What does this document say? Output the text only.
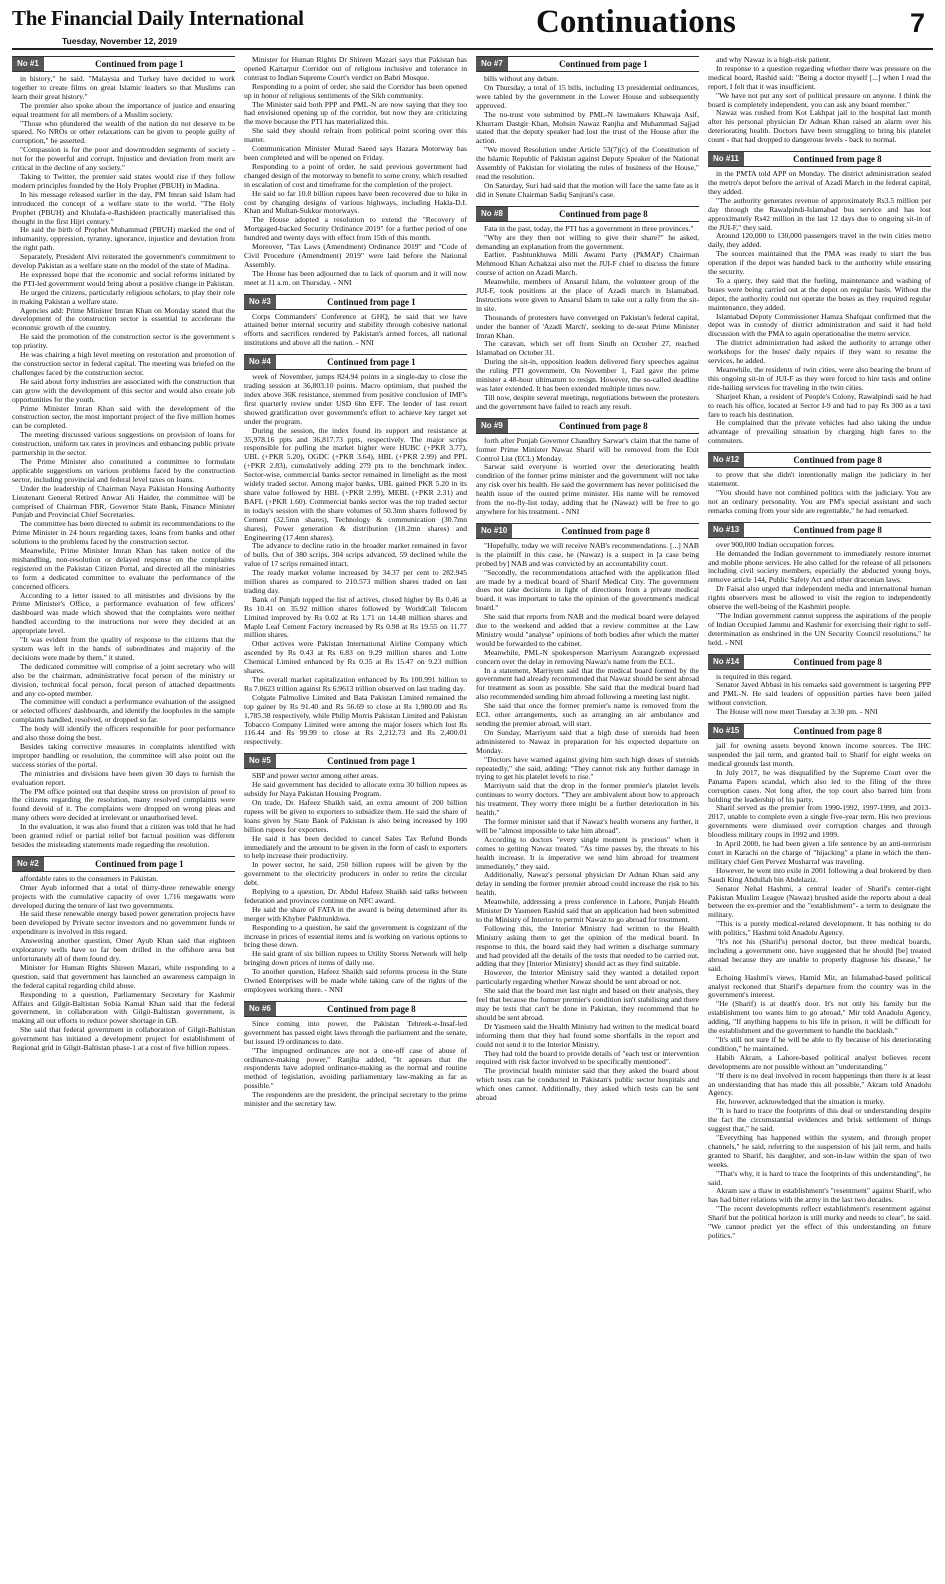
The Financial Daily International
Tuesday, November 12, 2019
Continuations	7
No #1	Continued from page 1

in history," he said. "Malaysia and Turkey have decided to work together to create films on great Islamic leaders so that Muslims can learn their great history."

The premier also spoke about the importance of justice and ensuring equal treatment for all members of a Muslim society.

"Those who plundered the wealth of the nation do not deserve to be spared. No NROs or other relaxations can be given to people guilty of corruption," he asserted.

"Compassion is for the poor and downtrodden segments of society - not for the powerful and corrupt. Injustice and deviation from merit are critical in the decline of any society."

Taking to Twitter, the premier said states would rise if they follow modern principles founded by the Holy Prophet (PBUH) in Madina.

In his message released earlier in the day, PM Imran said Islam had introduced the concept of a welfare state to the world. "The Holy Prophet (PBUH) and Khulafa-e-Rashideen practically materialised this thought in the first Hijri century."

He said the birth of Prophet Muhammad (PBUH) marked the end of inhumanity, oppression, tyranny, ignorance, injustice and deviation from the right path.

Separately, President Alvi reiterated the government's commitment to develop Pakistan as a welfare state on the model of the state of Madina.

He expressed hope that the economic and social reforms initiated by the PTI-led government would bring about a positive change in Pakistan.

He urged the citizens, particularly religious scholars, to play their role in making Pakistan a welfare state.

Agencies add: Prime Minister Imran Khan on Monday stated that the development of the construction sector is essential to accelerate the economic growth of the country.

He said the promotion of the construction sector is the government s top priority.

He was chairing a high level meeting on restoration and promotion of the construction sector in federal capital. The meeting was briefed on the challenges faced by the construction sector.

He said about forty industries are associated with the construction that can grow with the development of this sector and would also create job opportunities for the youth.

Prime Minister Imran Khan said with the development of the construction sector, the most important project of the five million homes can be completed.

The meeting discussed various suggestions on provision of loans for construction, uniform tax rates in provinces and enhancing public private partnership in the sector.

The Prime Minister also constituted a committee to formulate applicable suggestions on various problems faced by the construction sector, including provincial and federal level taxes on loans.

Under the leadership of Chairman Naya Pakistan Housing Authority Lieutenant General Retired Anwar Ali Haider, the committee will be comprised of Chairman FBR, Governor State Bank, Finance Minister Punjab and Provincial Chief Secretaries.

The committee has been directed to submit its recommendations to the Prime Minister in 24 hours regarding taxes, loans from banks and other solutions to the problems faced by the construction sector.

Meanwhile, Prime Minister Imran Khan has taken notice of the mishandling, non-resolution or delayed response on the complaints registered on the Pakistan Citizen Portal, and directed all the ministries to form a dedicated committee to evaluate the performance of the concerned officers.

According to a letter issued to all ministries and divisions by the Prime Minister's Office, a performance evaluation of few officers' dashboard was made which showed that the complaints were neither handled according to the instructions nor were they decided at an appropriate level.

"It was evident from the quality of response to the citizens that the system was left in the hands of subordinates and majority of the decisions were made by them," it stated.

The dedicated committee will comprise of a joint secretary who will also be the chairman, administrative focal person of the ministry or division, technical focal person, focal person of attached departments and any co-opted member.

The committee will conduct a performance evaluation of the assigned or selected officers' dashboards, and identify the loopholes in the sample complaints handled, resolved, or dropped so far.

The body will identify the officers responsible for poor performance and also those doing the best.

Besides taking corrective measures in complaints identified with improper handling or resolution, the committee will also point out the success stories of the portal.

The ministries and divisions have been given 30 days to furnish the evaluation report.

The PM office pointed out that despite stress on provision of proof to the citizens regarding the resolution, many resolved complaints were found devoid of it. The complaints were dropped on wrong pleas and many others were decided at irrelevant or unauthorised level.

In the evaluation, it was also found that a citizen was told that he had been granted relief or partial relief but factual position was different besides the misleading statements made regarding the resolution.

No #2	Continued from page 1

affordable rates to the consumers in Pakistan.

Omer Ayub informed that a total of thirty-three renewable energy projects with the cumulative capacity of over 1,716 megawatts were developed during the tenure of last two governments.

He said these renewable energy based power generation projects have been developed by Private sector investors and no government funds or expenditure is involved in this regard.

Answering another question, Omer Ayub Khan said that eighteen exploratory wells have so far been drilled in the offshore area but unfortunately all of them found dry.

Minister for Human Rights Shireen Mazari, while responding to a question, said that government has launched an awareness campaign in the federal capital regarding child abuse.

Responding to a question, Parliamentary Secretary for Kashmir Affairs and Gilgit-Baltistan Sobia Kamal Khan said that the federal government, in collaboration with Gilgit-Baltistan government, is making all out efforts to reduce power shortage in GB.

She said that federal government in collaboration of Gilgit-Baltistan government has initiated a development project for establishment of Regional grid in Gilgit-Baltistan phase-1 at a cost of five billion rupees.

Minister for Human Rights Dr Shireen Mazari says that Pakistan has opened Kartarpur Corridor out of religious inclusive and tolerance in contrast to Indian Supreme Court's verdict on Babri Mosque.

Responding to a point of order, she said the Corridor has been opened up in honor of religious sentiments of the Sikh community.

The Minister said both PPP and PML-N are now saying that they too had envisioned opening up of the corridor, but now they are criticizing the move because the PTI has materialized this.

She said they should refrain from political point scoring over this matter.

Communication Minister Murad Saeed says Hazara Motorway has been completed and will be opened on Friday.

Responding to a point of order, he said previous government had changed design of the motorway to benefit to some crony, which resulted in escalation of cost and timeframe for the completion of the project.

He said so far 10.8 billion rupees have been recovered due to hike in cost by changing designs of various highways, including Hakla-D.I. Khan and Multan-Sukkur motorways.

The House adopted a resolution to extend the "Recovery of Mortgaged-backed Security Ordinance 2019" for a further period of one hundred and twenty days with effect from 15th of this month.

Moreover, "Tax Laws (Amendment) Ordinance 2019" and "Code of Civil Procedure (Amendment) 2019" were laid before the National Assembly.

The House has been adjourned due to lack of quorum and it will now meet at 11 a.m. on Thursday. - NNI

No #3	Continued from page 1

Corps Commanders' Conference at GHQ, he said that we have attained better internal security and stability through cohesive national efforts and sacrifices rendered by Pakistan's armed forces, all national institutions and above all the nation. - NNI

No #4	Continued from page 1

week of November, jumps 824.94 points in a single-day to close the trading session at 36,803.10 points. Macro optimism, that pushed the index above 36K resistance, stemmed from positive conclusion of IMF's first quarterly review under USD 6bn EFF. The lender of last resort showed gratification over government's effort to achieve key target set under the program.

During the session, the index found its support and resistance at 35,978.16 ppts and 36,817.73 ppts, respectively. The major scrips responsible for pulling the market higher were HUBC (+PKR 3.77), UBL (+PKR 5.20), OGDC (+PKR 3.64), HBL (+PKR 2.99) and PPL (+PKR 2.83), cumulatively adding 279 pts to the benchmark index. Sector-wise, commercial banks sector remained in limelight as the most widely traded sector. Among major banks, UBL gained PKR 5.20 in its share value followed by HBL (+PKR 2.99), MEBL (+PKR 2.31) and BAFL (+PKR 1.60). Commercial banks sector was the top traded sector in today's session with the share volumes of 50.3mn shares followed by Cement (32.5mn shares), Technology & communication (30.7mn shares), Power generation & distribution (18.2mn shares) and Engineering (17.4mn shares).

The advance to decline ratio in the broader market remained in favor of bulls. Out of 380 scrips, 304 scrips advanced, 59 declined while the value of 17 scrips remained intact.

The ready market volume increased by 34.37 per cent to 282.945 million shares as compared to 210.573 million shares traded on last trading day.

Bank of Punjab topped the list of actives, closed higher by Rs 0.46 at Rs 10.41 on 35.92 million shares followed by WorldCall Telecom Limited improved by Rs 0.02 at Rs 1.71 on 14.48 million shares and Maple Leaf Cement Factory increased by Rs 0.98 at Rs 19.55 on 11.77 million shares.

Other actives were Pakistan International Airline Company which ascended by Rs 0.43 at Rs 6.83 on 9.29 million shares and Lotte Chemical Limited enhanced by Rs 0.35 at Rs 15.47 on 9.23 million shares.

The overall market capitalization enhanced by Rs 100.991 billion to Rs 7.0623 trillion against Rs 6.9613 trillion observed on last trading day.

Colgate Palmolive Limited and Bata Pakistan Limited remained the top gainer by Rs 91.40 and Rs 56.69 to close at Rs 1,980.00 and Rs 1,785.38 respectively, while Philip Morris Pakistan Limited and Pakistan Tobacco Company Limited were among the major losers which lost Rs 116.44 and Rs 99.99 to close at Rs 2,212.73 and Rs 2,400.01 respectively.

No #5	Continued from page 1

SBP and power sector among other areas.

He said government has decided to allocate extra 30 billion rupees as subsidy for Naya Pakistan Housing Program.

On trade, Dr. Hafeez Shaikh said, an extra amount of 200 billion rupees will be given to exporters to subsidize them. He said the share of loans given by State Bank of Pakistan is also being increased by 100 billion rupees for exporters.

He said it has been decided to cancel Sales Tax Refund Bonds immediately and the amount to be given in the form of cash to exporters to help increase their productivity.

In power sector, he said, 250 billion rupees will be given by the government to the electricity producers in order to retire the circular debt.

Replying to a question, Dr. Abdul Hafeez Shaikh said talks between federation and provinces continue on NFC award.

He said the share of FATA in the award is being determined after its merger with Khyber Pakhtunkhwa.

Responding to a question, he said the government is cognizant of the increase in prices of essential items and is working on various options to bring these down.

He said grant of six billion rupees to Utility Stores Network will help bringing down prices of items of daily use.

To another question, Hafeez Shaikh said reforms process in the State Owned Enterprises will be made while taking care of the rights of the employees working there. - NNI

No #6	Continued from page 8

Since coming into power, the Pakistan Tehreek-e-Insaf-led government has passed eight laws through the parliament and the senate, but issued 19 ordinances to date.

"The impugned ordinances are not a one-off case of abuse of ordinance-making power," Ranjha added, "It appears that the respondents have adopted ordinance-making as the normal and routine method of legislation, avoiding parliamentary law-making as far as possible."

The respondents are the president, the principal secretary to the prime minister and the secretary law.

No #7	Continued from page 1

bills without any debate.

On Thursday, a total of 15 bills, including 13 presidential ordinances, were tabled by the government in the Lower House and subsequently approved.

The no-trust vote submitted by PML-N lawmakers Khawaja Asif, Khurram Dastgir Khan, Mohsin Nawaz Ranjha and Muhammad Sajjad stated that the deputy speaker had lost the trust of the House after the action.

"We moved Resolution under Article 53(7)(c) of the Constitution of the Islamic Republic of Pakistan against Deputy Speaker of the National Assembly of Pakistan for violating the rules of business of the House," read the resolution.

On Saturday, Suri had said that the motion will face the same fate as it did in Senate Chairman Sadiq Sanjrani's case.

No #8	Continued from page 8

Fata in the past, today, the PTI has a government in three provinces."

"Why are they then not willing to give their share?" he asked, demanding an explanation from the government.

Earlier, Pashtunkhuwa Milli Awami Party (PkMAP) Chairman Mehmood Khan Achakzai also met the JUI-F chief to discuss the future course of action on Azadi March.

Meanwhile, members of Ansarul Islam, the volunteer group of the JUI-F, took positions at the place of Azadi march in Islamabad. Instructions were given to Ansarul Islam to take out a rally from the sit-in site.

Thousands of protesters have converged on Pakistan's federal capital, under the banner of 'Azadi March', seeking to de-seat Prime Minister Imran Khan.

The caravan, which set off from Sindh on October 27, reached Islamabad on October 31.

During the sit-in, opposition leaders delivered fiery speeches against the ruling PTI government. On November 1, Fazl gave the prime minister a 48-hour ultimatum to resign. However, the so-called deadline was later extended. It has been extended multiple times now.

Till now, despite several meetings, negotiations between the protesters and the government have failed to reach any result.

No #9	Continued from page 8

forth after Punjab Governor Chaudhry Sarwar's claim that the name of former Prime Minister Nawaz Sharif will be removed from the Exit Control List (ECL) Monday.

Sarwar said everyone is worried over the deteriorating health condition of the former prime minister and the government will not take any risk over his health. He said the government has never politicised the health issue of the ousted prime minister. His name will be removed from the no-fly-list today, adding that he (Nawaz) will be free to go anywhere for his treatment. - NNI

No #10	Continued from page 8

"Hopefully, today we will receive NAB's recommendations. [...] NAB is the plaintiff in this case, he (Nawaz) is a suspect in [a case being probed by] NAB and was convicted by an accountability court.

"Secondly, the recommendations attached with the application filed are made by a medical board of Sharif Medical City. The government does not take decisions in light of directions from a private medical board, it was important to take the opinion of the government's medical board."

She said that reports from NAB and the medical board were delayed due to the weekend and added that a review committee at the Law Ministry would "analyse" opinions of both bodies after which the matter would be forwarded to the cabinet.

Meanwhile, PML-N spokesperson Marriyum Aurangzeb expressed concern over the delay in removing Nawaz's name from the ECL.

In a statement, Marriyum said that the medical board formed by the government had already recommended that Nawaz should be sent abroad for treatment as soon as possible. She said that the medical board had also recommended sending him abroad following a meeting last night.

She said that once the former premier's name is removed from the ECL other arrangements, such as arranging an air ambulance and sending the premier abroad, will start.

On Sunday, Marriyum said that a high dose of steroids had been administered to Nawaz in preparation for his expected departure on Monday.

"Doctors have warned against giving him such high doses of steroids repeatedly," she said, adding: "They cannot risk any further damage in trying to get his platelet levels to rise."

Marriyum said that the drop in the former premier's platelet levels continues to worry doctors. "They are ambivalent about how to approach his treatment. They worry there might be a further deterioration in his health."

The former minister said that if Nawaz's health worsens any further, it will be "almost impossible to take him abroad".

According to doctors "every single moment is precious" when it comes to getting Nawaz treated. "As time passes by, the threats to his health increase. It is imperative we send him abroad for treatment immediately," they said.

Additionally, Nawaz's personal physician Dr Adnan Khan said any delay in sending the former premier abroad could increase the risk to his health.

Meanwhile, addressing a press conference in Lahore, Punjab Health Minister Dr Yasmeen Rashid said that an application had been submitted to the Ministry of Interior to permit Nawaz to go abroad for treatment.

Following this, the Interior Ministry had written to the Health Ministry asking them to get the opinion of the medical board. In response to this, the board said they had written a discharge summary and had provided all the details of the tests that needed to be carried out, adding that they [Interior Ministry] should act as they find suitable.

However, the Interior Ministry said they wanted a detailed report particularly regarding whether Nawaz should be sent abroad or not.

She said that the board met last night and based on their analysis, they feel that because the former premier's condition isn't stabilising and there may be tests that can't be done in Pakistan, they recommend that he should be sent abroad.

Dr Yasmeen said the Health Ministry had written to the medical board informing them that they had found some shortfalls in the report and could not send it to the Interior Ministry.

They had told the board to provide details of "each test or intervention required with risk factor involved to be specifically mentioned".

The provincial health minister said that they asked the board about which tests can be conducted in Pakistan's public sector hospitals and which ones cannot. Additionally, they asked which tests can be sent abroad

and why Nawaz is a high-risk patient.

In response to a question regarding whether there was pressure on the medical board, Rashid said: "Being a doctor myself [...] when I read the report, I felt that it was insufficient.

"We have not put any sort of political pressure on anyone. I think the board is completely independent, you can ask any board member."

Nawaz was rushed from Kot Lakhpat jail to the hospital last month after his personal physician Dr Adnan Khan raised an alarm over his deteriorating health. Doctors have been struggling to bring his platelet count - that had dropped to dangerous levels - back to normal.

No #11	Continued from page 8

in the PMTA told APP on Monday. The district administration sealed the metro's depot before the arrival of Azadi March in the federal capital, they added.

"The authority generates revenue of approximately Rs3.5 million per day through the Rawalpindi-Islamabad bus service and has lost approximately Rs42 million in the last 12 days due to ongoing sit-in of the JUI-F," they said.

Around 120,000 to 130,000 passengers travel in the twin cities metro daily, they added.

The sources maintained that the PMA was ready to start the bus operation if the depot was handed back to the authority while ensuring the security.

To a query, they said that the fueling, maintenance and washing of buses were being carried out at the depot on regular basis. Without the depot, the authority could not operate the buses as they required regular maintenance, they added.

Islamabad Deputy Commissioner Hamza Shafqaat confirmed that the depot was in custody of district administration and said it had held discussion with the PMA to again operationalise the metro service.

The district administration had asked the authority to arrange other workshops for the buses' daily repairs if they want to resume the services, he added.

Meanwhile, the residents of twin cities, were also bearing the brunt of this ongoing sit-in of JUI-F as they were forced to hire taxis and online ride-hailing services for traveling in the twin cities.

Sharjeel Khan, a resident of People's Colony, Rawalpindi said he had to reach his office, located at Sector I-9 and had to pay Rs 300 as a taxi fare to reach his destination.

He complained that the private vehicles had also taking the undue advantage of prevailing situation by charging high fares to the commuters.

No #12	Continued from page 8

to prove that she didn't intentionally malign the judiciary in her statement.

"You should have not combined politics with the judiciary. You are not an ordinary personality. You are PM's special assistant and such remarks coming from your side are regrettable," he had remarked.

No #13	Continued from page 8

over 900,000 Indian occupation forces.

He demanded the Indian government to immediately restore internet and mobile phone services. He also called for the release of all prisoners including civil society members, especially the abducted young boys, remove article 144, Public Safety Act and other draconian laws.

Dr Faisal also urged that independent media and international human rights observers must be allowed to visit the region to independently observe the well-being of the Kashmiri people.

"The Indian government cannot suppress the aspirations of the people of Indian Occupied Jammu and Kashmir for exercising their right to self-determination as enshrined in the UN Security Council resolutions," he held. - NNI

No #14	Continued from page 8

is required in this regard.

Senator Javed Abbasi in his remarks said government is targeting PPP and PML-N. He said leaders of opposition parties have been jailed without conviction.

The House will now meet Tuesday at 3:30 pm. - NNI

No #15	Continued from page 8

jail for owning assets beyond known income sources. The IHC suspended the jail term, and granted bail to Sharif for eight weeks on medical grounds last month.

In July 2017, he was disqualified by the Supreme Court over the Panama Papers scandal, which also led to the filing of the three corruption cases. Not long after, the top court also barred him from holding the leadership of his party.

Sharif served as the premier from 1990-1992, 1997-1999, and 2013-2017, unable to complete even a single five-year term. His two previous governments were dismissed over corruption charges and through bloodless military coups in 1992 and 1999.

In April 2000, he had been given a life sentence by an anti-terrorism court in Karachi on the charge of "hijacking" a plane in which the then-military chief Gen Pervez Musharraf was traveling.

However, he went into exile in 2001 following a deal brokered by then Saudi King Abdullah bin Abdelaziz.

Senator Nehal Hashmi, a central leader of Sharif's center-right Pakistan Muslim League (Nawaz) brushed aside the reports about a deal between the ex-premier and the "establishment"- a term to designate the military.

"This is a purely medical-related development. It has nothing to do with politics," Hashmi told Anadolu Agency.

"It's not his (Sharif's) personal doctor, but three medical boards, including a government one, have suggested that he should [be] treated abroad because they are unable to properly diagnose his disease," he said.

Echoing Hashmi's views, Hamid Mir, an Islamabad-based political analyst reckoned that Sharif's departure from the country was in the government's interest.

"He (Sharif) is at death's door. It's not only his family but the establishment too wants him to go abroad," Mir told Anadolu Agency, adding, "If anything happens to his life in prison, it will be difficult for the establishment and the government to handle the backlash."

"It's still not sure if he will be able to fly because of his deteriorating condition," he maintained.

Habib Akram, a Lahore-based political analyst believes recent developments are not possible without an "understanding."

"If there is no deal involved in recent happenings then there is at least an understanding that has made this all possible," Akram told Anadolu Agency.

He, however, acknowledged that the situation is murky.

"It is hard to trace the footprints of this deal or understanding despite the fact the circumstantial evidences and brisk settlement of things suggest that," he said.

"Everything has happened within the system, and through proper channels," he said, referring to the suspension of his jail term, and bails granted to Sharif, his daughter, and son-in-law within the span of two weeks.

"That's why, it is hard to trace the footprints of this understanding", he said.

Akram saw a thaw in establishment's "resentment" against Sharif, who has had bitter relations with the army in the last two decades.

"The recent developments reflect establishment's resentment against Sharif but the political horizon is still murky and needs to clear", he said. "We cannot predict yet the effect of this understanding on future politics."
